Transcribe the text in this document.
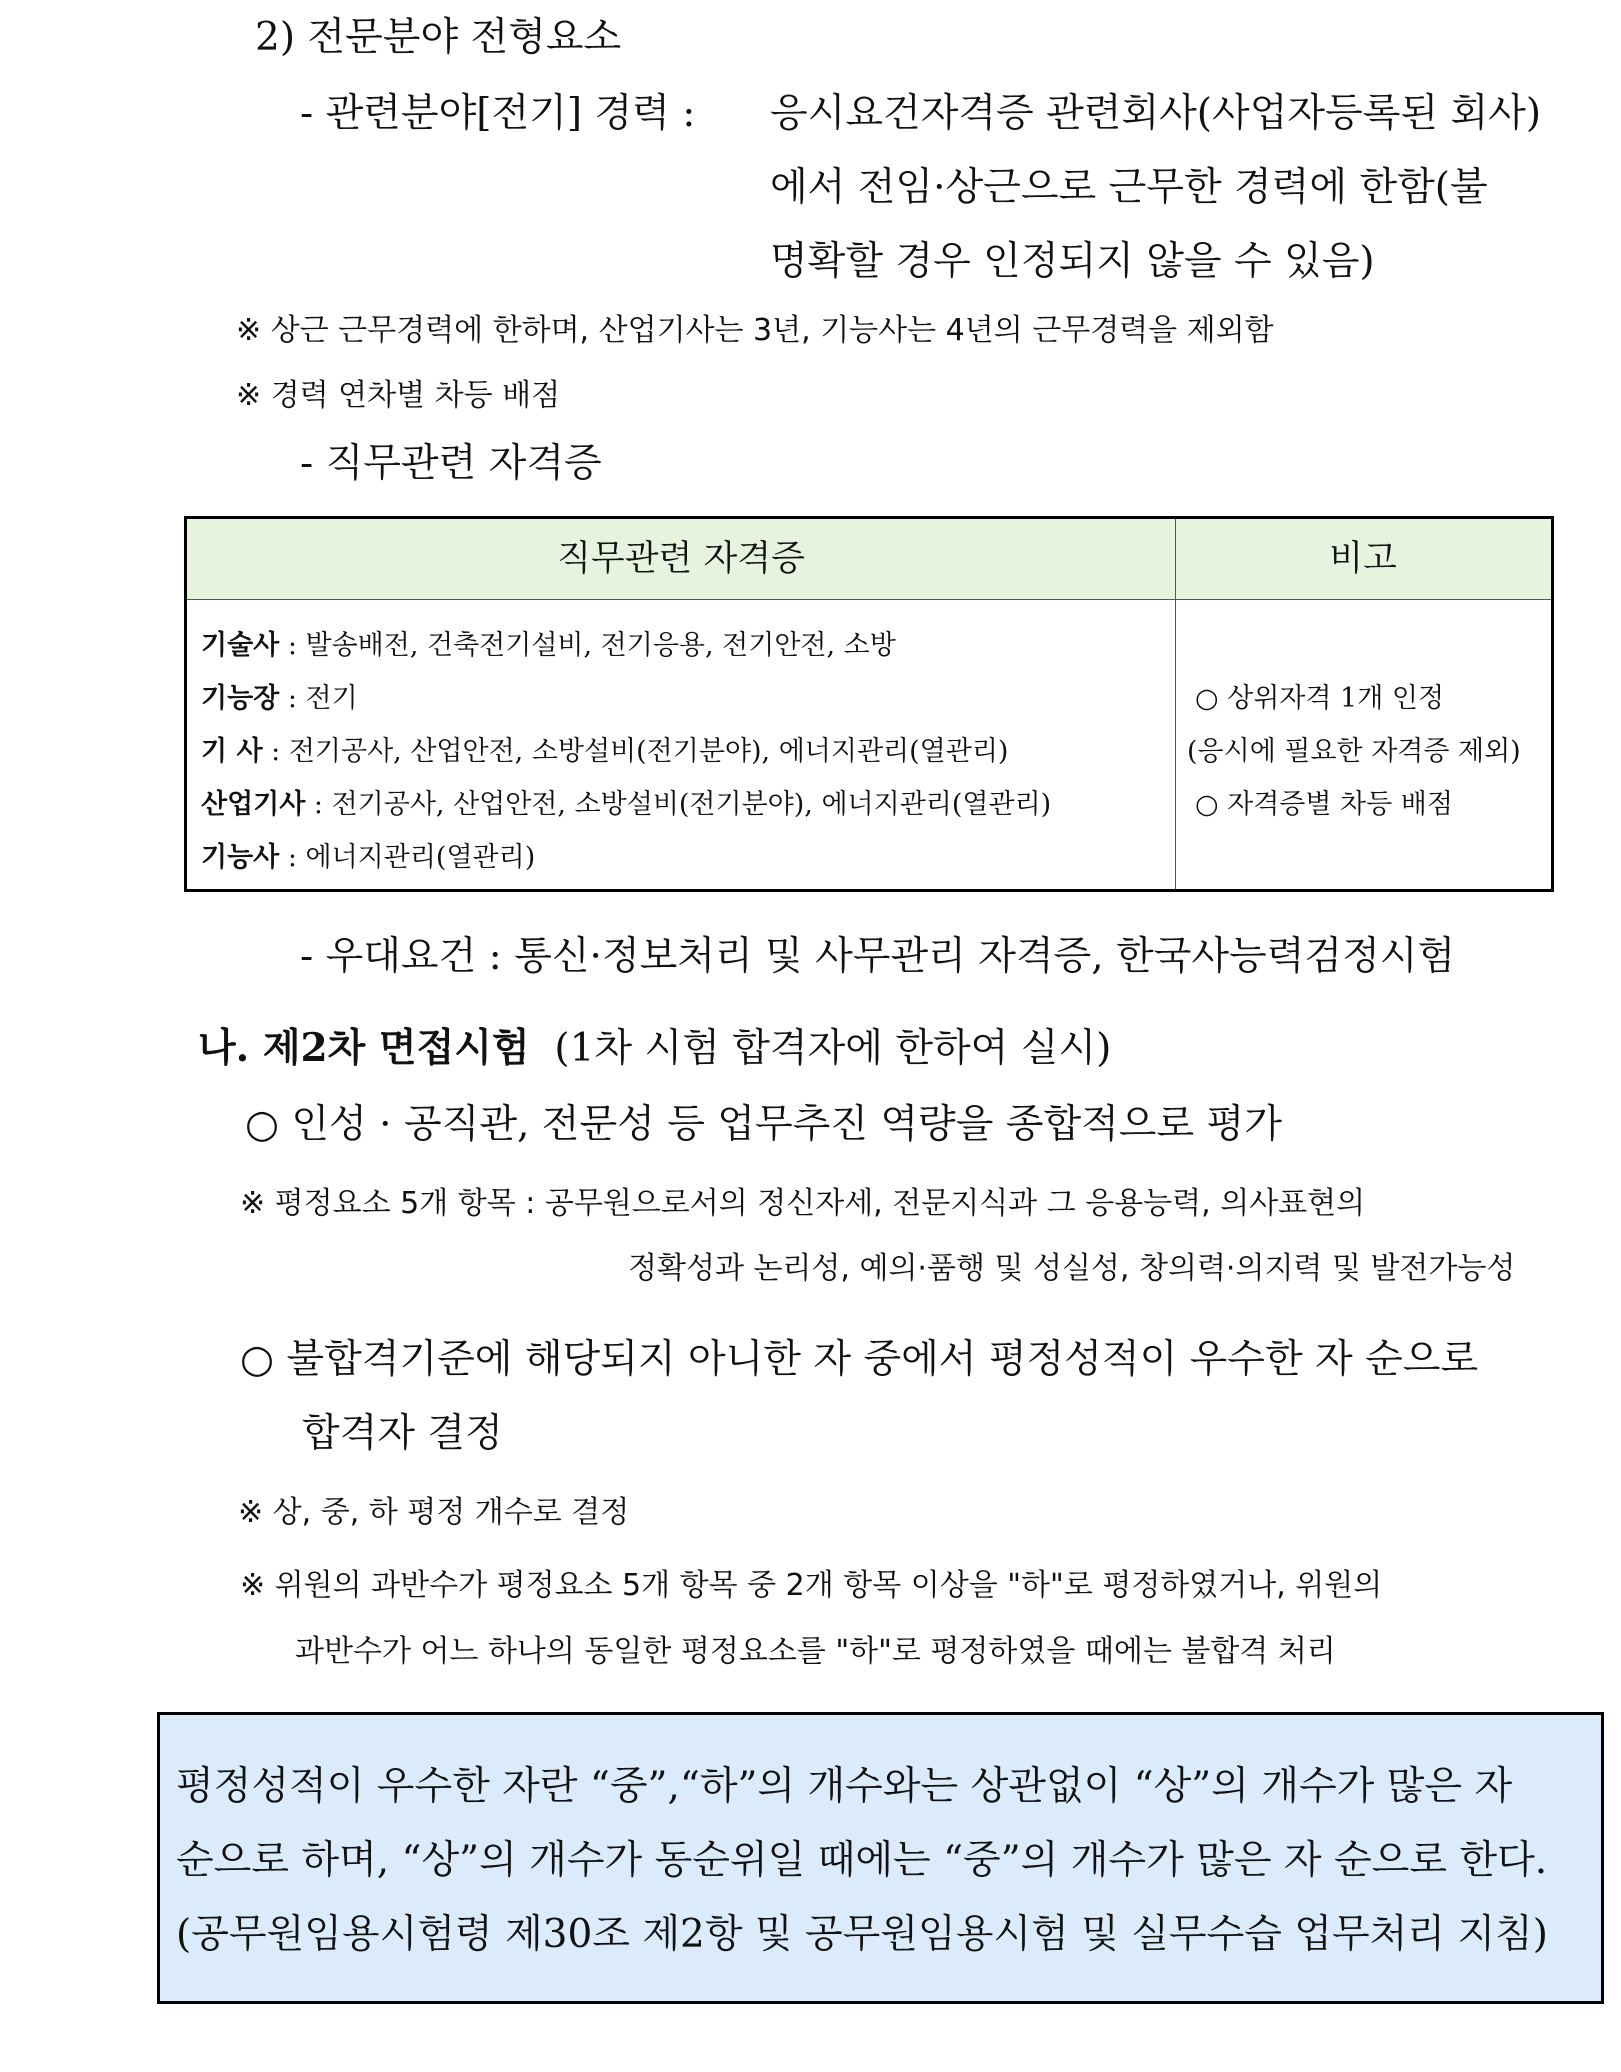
2) 전문분야 전형요소
- 관련분야[전기] 경력 : 응시요건자격증 관련회사(사업자등록된 회사)
에서 전임·상근으로 근무한 경력에 한함(불
명확할 경우 인정되지 않을 수 있음)
※ 상근 근무경력에 한하며, 산업기사는 3년, 기능사는 4년의 근무경력을 제외함
※ 경력 연차별 차등 배점
- 직무관련 자격증
직무관련 자격증	비고
기술사 : 발송배전, 건축전기설비, 전기응용, 전기안전, 소방
기능장 : 전기
기 사 : 전기공사, 산업안전, 소방설비(전기분야), 에너지관리(열관리)
산업기사 : 전기공사, 산업안전, 소방설비(전기분야), 에너지관리(열관리)
기능사 : 에너지관리(열관리)
○ 상위자격 1개 인정
(응시에 필요한 자격증 제외)
○ 자격증별 차등 배점
- 우대요건 : 통신·정보처리 및 사무관리 자격증, 한국사능력검정시험
나. 제2차 면접시험 (1차 시험 합격자에 한하여 실시)
○ 인성 · 공직관, 전문성 등 업무추진 역량을 종합적으로 평가
※ 평정요소 5개 항목 : 공무원으로서의 정신자세, 전문지식과 그 응용능력, 의사표현의
정확성과 논리성, 예의·품행 및 성실성, 창의력·의지력 및 발전가능성
○ 불합격기준에 해당되지 아니한 자 중에서 평정성적이 우수한 자 순으로
합격자 결정
※ 상, 중, 하 평정 개수로 결정
※ 위원의 과반수가 평정요소 5개 항목 중 2개 항목 이상을 "하"로 평정하였거나, 위원의
과반수가 어느 하나의 동일한 평정요소를 "하"로 평정하였을 때에는 불합격 처리
평정성적이 우수한 자란 “중”,“하”의 개수와는 상관없이 “상”의 개수가 많은 자
순으로 하며, “상”의 개수가 동순위일 때에는 “중”의 개수가 많은 자 순으로 한다.
(공무원임용시험령 제30조 제2항 및 공무원임용시험 및 실무수습 업무처리 지침)
